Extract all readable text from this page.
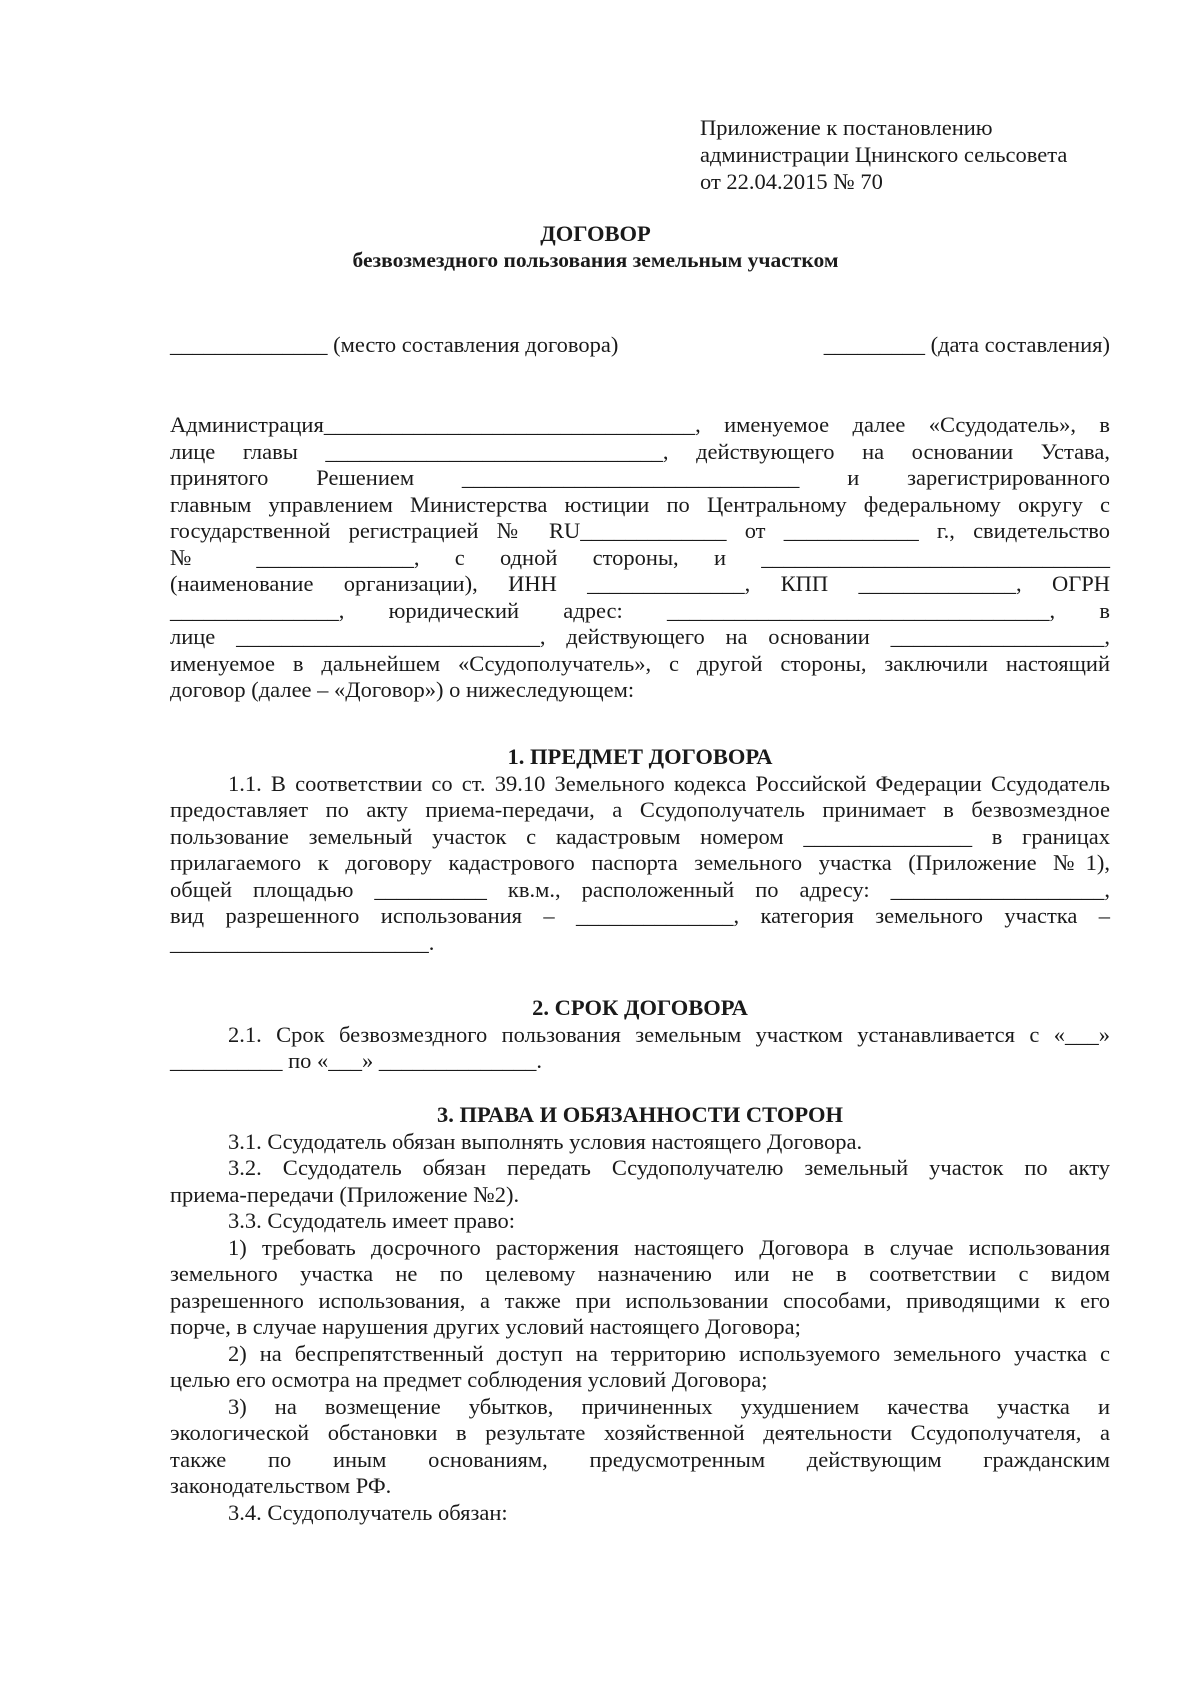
Приложение к постановлению
администрации Цнинского сельсовета
от 22.04.2015 № 70
ДОГОВОР
безвозмездного пользования земельным участком
______________ (место составления договора)	_________ (дата составления)

Администрация_________________________________, именуемое далее «Ссудодатель», в

лице главы ______________________________, действующего на основании Устава,

принятого Решением ______________________________ и зарегистрированного

главным управлением Министерства юстиции по Центральному федеральному округу с

государственной регистрацией № RU_____________ от ____________ г., свидетельство

№ ______________, с одной стороны, и _______________________________

(наименование организации), ИНН ______________, КПП ______________, ОГРН

_______________, юридический адрес: __________________________________, в

лице ___________________________, действующего на основании ___________________,

именуемое в дальнейшем «Ссудополучатель», с другой стороны, заключили настоящий

договор (далее – «Договор») о нижеследующем:

1. ПРЕДМЕТ ДОГОВОРА

1.1. В соответствии со ст. 39.10 Земельного кодекса Российской Федерации Ссудодатель

предоставляет по акту приема-передачи, а Ссудополучатель принимает в безвозмездное

пользование земельный участок с кадастровым номером _______________ в границах

прилагаемого к договору кадастрового паспорта земельного участка (Приложение №1),

общей площадью __________ кв.м., расположенный по адресу: ___________________,

вид разрешенного использования – ______________, категория земельного участка –

_______________________.

2. СРОК ДОГОВОРА

2.1. Срок безвозмездного пользования земельным участком устанавливается с «___»

__________ по «___» ______________.

3. ПРАВА И ОБЯЗАННОСТИ СТОРОН

3.1. Ссудодатель обязан выполнять условия настоящего Договора.

3.2. Ссудодатель обязан передать Ссудополучателю земельный участок по акту

приема-передачи (Приложение №2).

3.3. Ссудодатель имеет право:

1) требовать досрочного расторжения настоящего Договора в случае использования

земельного участка не по целевому назначению или не в соответствии с видом

разрешенного использования, а также при использовании способами, приводящими к его

порче, в случае нарушения других условий настоящего Договора;

2) на беспрепятственный доступ на территорию используемого земельного участка с

целью его осмотра на предмет соблюдения условий Договора;

3) на возмещение убытков, причиненных ухудшением качества участка и

экологической обстановки в результате хозяйственной деятельности Ссудополучателя, а

также по иным основаниям, предусмотренным действующим гражданским

законодательством РФ.

3.4. Ссудополучатель обязан:
